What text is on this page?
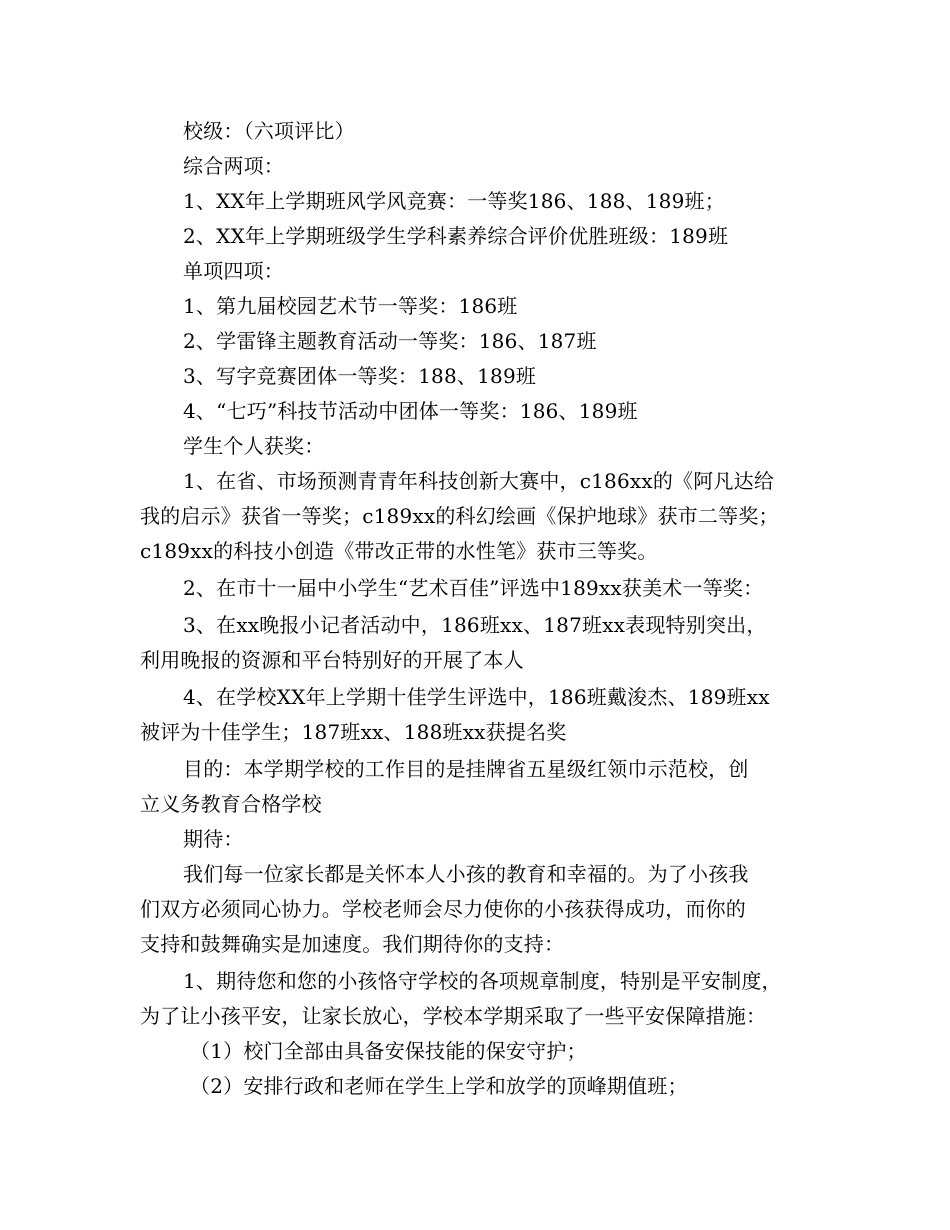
校级：（六项评比）
综合两项：
1、XX年上学期班风学风竞赛：一等奖186、188、189班；
2、XX年上学期班级学生学科素养综合评价优胜班级：189班
单项四项：
1、第九届校园艺术节一等奖：186班
2、学雷锋主题教育活动一等奖：186、187班
3、写字竞赛团体一等奖：188、189班
4、“七巧”科技节活动中团体一等奖：186、189班
学生个人获奖：
1、在省、市场预测青青年科技创新大赛中，c186xx的《阿凡达给
我的启示》获省一等奖；c189xx的科幻绘画《保护地球》获市二等奖；
c189xx的科技小创造《带改正带的水性笔》获市三等奖。
2、在市十一届中小学生“艺术百佳”评选中189xx获美术一等奖：
3、在xx晚报小记者活动中，186班xx、187班xx表现特别突出，
利用晚报的资源和平台特别好的开展了本人
4、在学校XX年上学期十佳学生评选中，186班戴浚杰、189班xx
被评为十佳学生；187班xx、188班xx获提名奖
目的：本学期学校的工作目的是挂牌省五星级红领巾示范校，创
立义务教育合格学校
期待：
我们每一位家长都是关怀本人小孩的教育和幸福的。为了小孩我
们双方必须同心协力。学校老师会尽力使你的小孩获得成功，而你的
支持和鼓舞确实是加速度。我们期待你的支持：
1、期待您和您的小孩恪守学校的各项规章制度，特别是平安制度，
为了让小孩平安，让家长放心，学校本学期采取了一些平安保障措施：
（1）校门全部由具备安保技能的保安守护；
（2）安排行政和老师在学生上学和放学的顶峰期值班；
